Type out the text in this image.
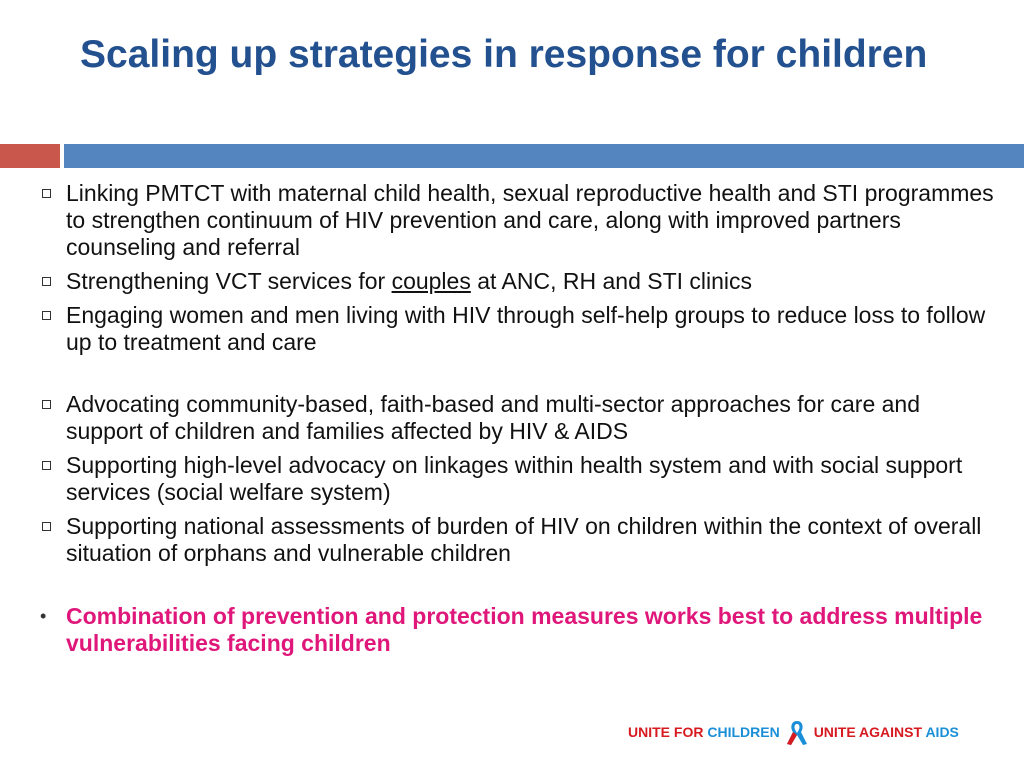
Scaling up strategies in response for children
Linking PMTCT with maternal child health, sexual reproductive health and STI programmes to strengthen continuum of HIV prevention and care, along with improved partners counseling and referral
Strengthening VCT services for couples at ANC, RH and STI clinics
Engaging women and men living with HIV through self-help groups to reduce loss to follow up to treatment and care
Advocating community-based, faith-based and multi-sector approaches for care and support of children and families affected by HIV & AIDS
Supporting high-level advocacy on linkages within health system and with social support services (social welfare system)
Supporting national assessments of burden of HIV on children within the context of overall situation of orphans and vulnerable children
• Combination of prevention and protection measures works best to address multiple vulnerabilities facing children
UNITE FOR CHILDREN UNITE AGAINST AIDS
